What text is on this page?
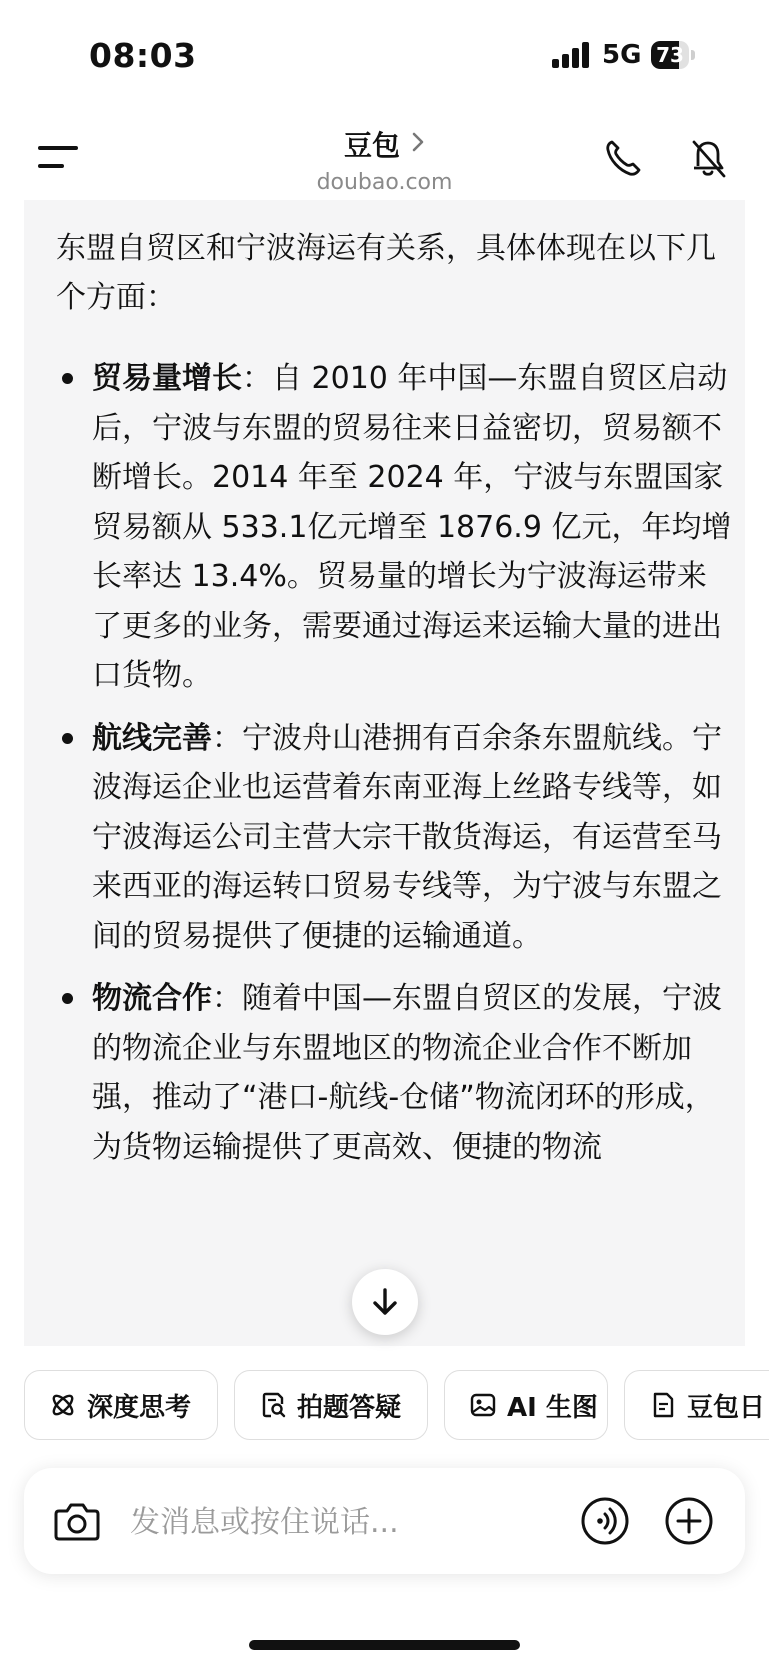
08:03	5G 73
豆包
doubao.com
东盟自贸区和宁波海运有关系，具体体现在以下几个方面：
贸易量增长：自 2010 年中国—东盟自贸区启动后，宁波与东盟的贸易往来日益密切，贸易额不断增长。2014 年至 2024 年，宁波与东盟国家贸易额从 533.1亿元增至 1876.9 亿元，年均增长率达 13.4%。贸易量的增长为宁波海运带来了更多的业务，需要通过海运来运输大量的进出口货物。
航线完善：宁波舟山港拥有百余条东盟航线。宁波海运企业也运营着东南亚海上丝路专线等，如宁波海运公司主营大宗干散货海运，有运营至马来西亚的海运转口贸易专线等，为宁波与东盟之间的贸易提供了便捷的运输通道。
物流合作：随着中国—东盟自贸区的发展，宁波的物流企业与东盟地区的物流企业合作不断加强，推动了“港口-航线-仓储”物流闭环的形成，为货物运输提供了更高效、便捷的物流
深度思考	拍题答疑	AI 生图	豆包日
发消息或按住说话...
